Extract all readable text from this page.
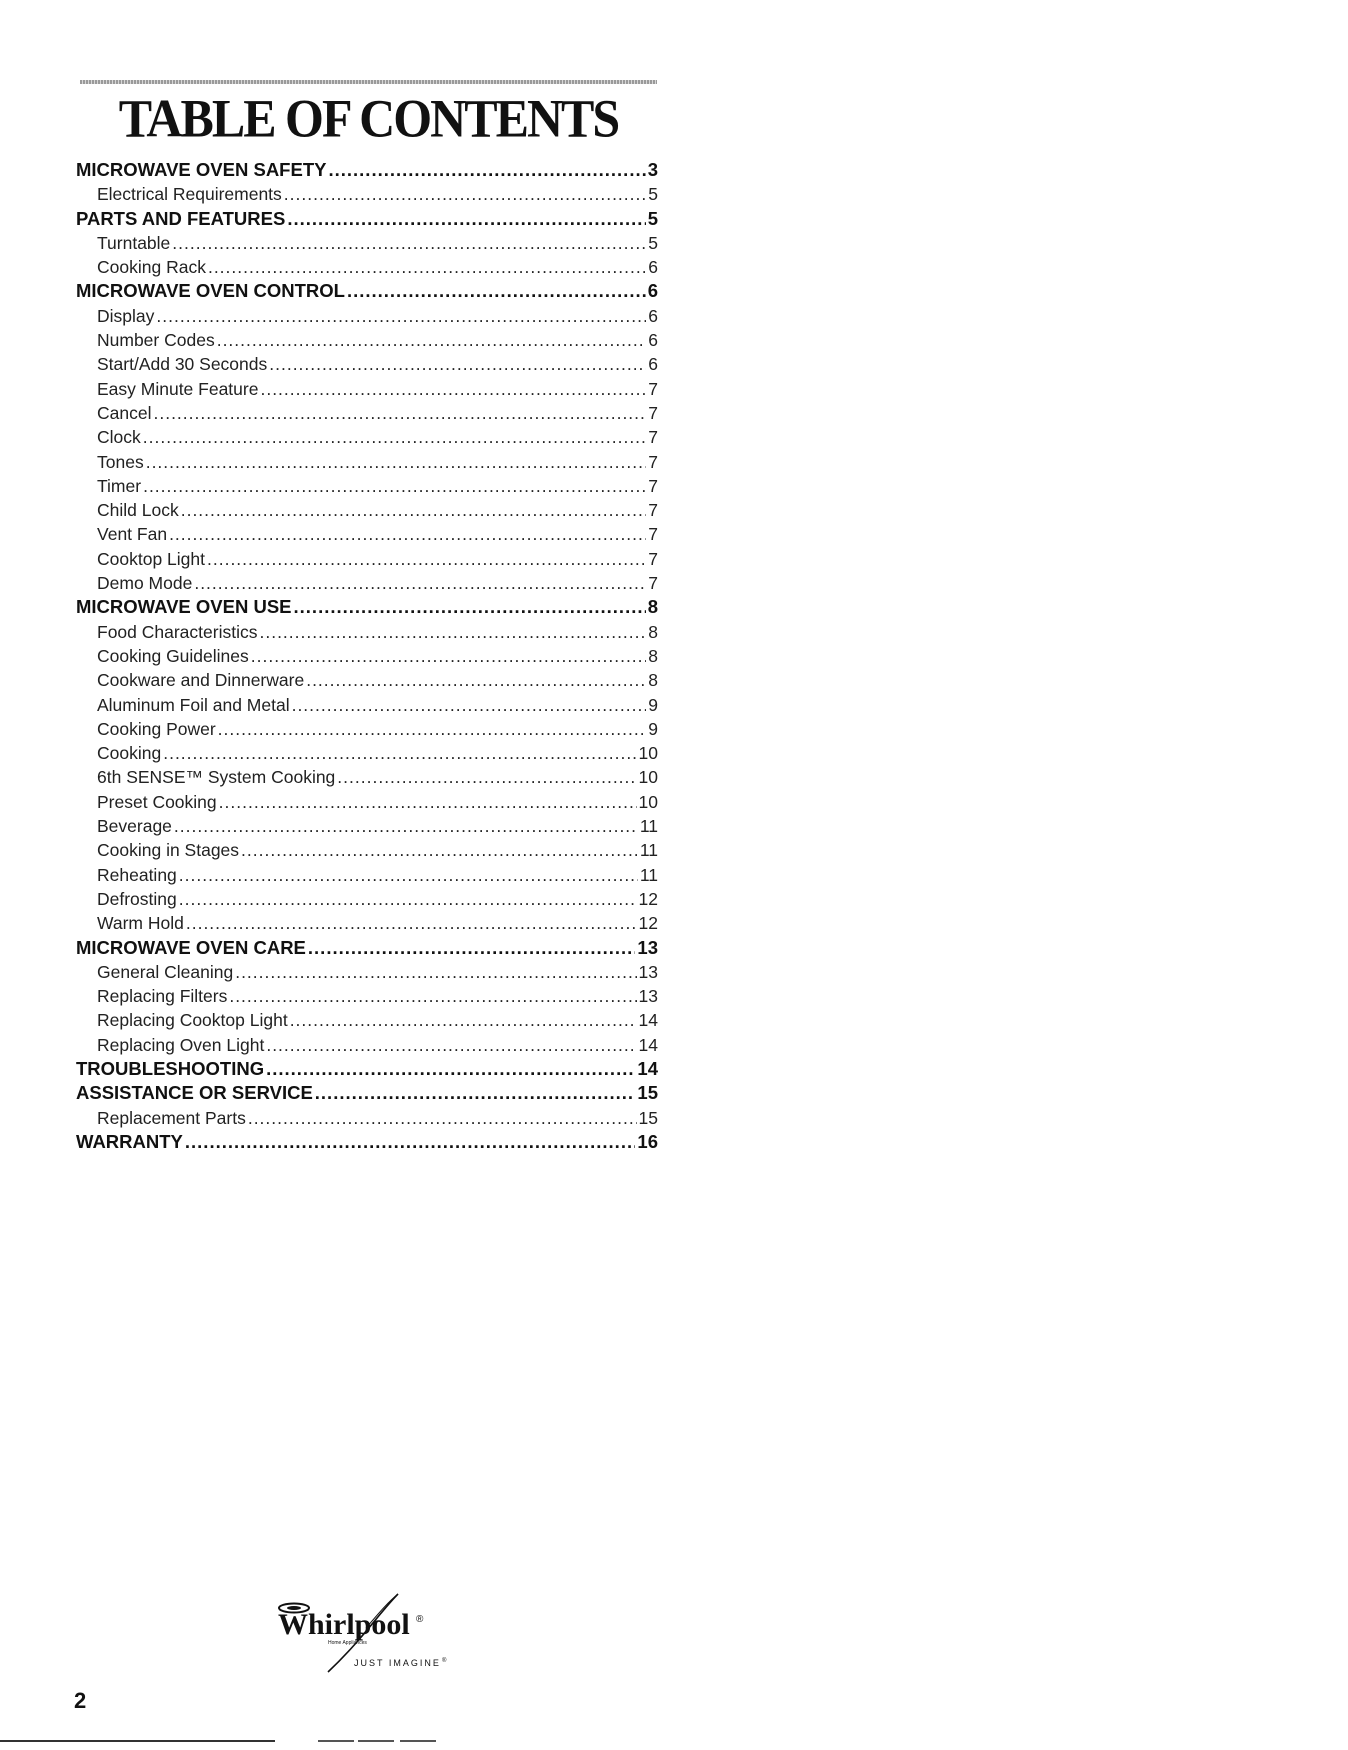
TABLE OF CONTENTS
MICROWAVE OVEN SAFETY .....	3
Electrical Requirements .....	5
PARTS AND FEATURES .....	5
Turntable .....	5
Cooking Rack .....	6
MICROWAVE OVEN CONTROL .....	6
Display .....	6
Number Codes .....	6
Start/Add 30 Seconds .....	6
Easy Minute Feature .....	7
Cancel .....	7
Clock .....	7
Tones .....	7
Timer .....	7
Child Lock .....	7
Vent Fan .....	7
Cooktop Light .....	7
Demo Mode .....	7
MICROWAVE OVEN USE .....	8
Food Characteristics .....	8
Cooking Guidelines .....	8
Cookware and Dinnerware .....	8
Aluminum Foil and Metal .....	9
Cooking Power .....	9
Cooking .....	10
6th SENSE™ System Cooking .....	10
Preset Cooking .....	10
Beverage .....	11
Cooking in Stages .....	11
Reheating .....	11
Defrosting .....	12
Warm Hold .....	12
MICROWAVE OVEN CARE .....	13
General Cleaning .....	13
Replacing Filters .....	13
Replacing Cooktop Light .....	14
Replacing Oven Light .....	14
TROUBLESHOOTING .....	14
ASSISTANCE OR SERVICE .....	15
Replacement Parts .....	15
WARRANTY .....	16
Whirlpool ®
Home Appliances
JUST IMAGINE ®
2
